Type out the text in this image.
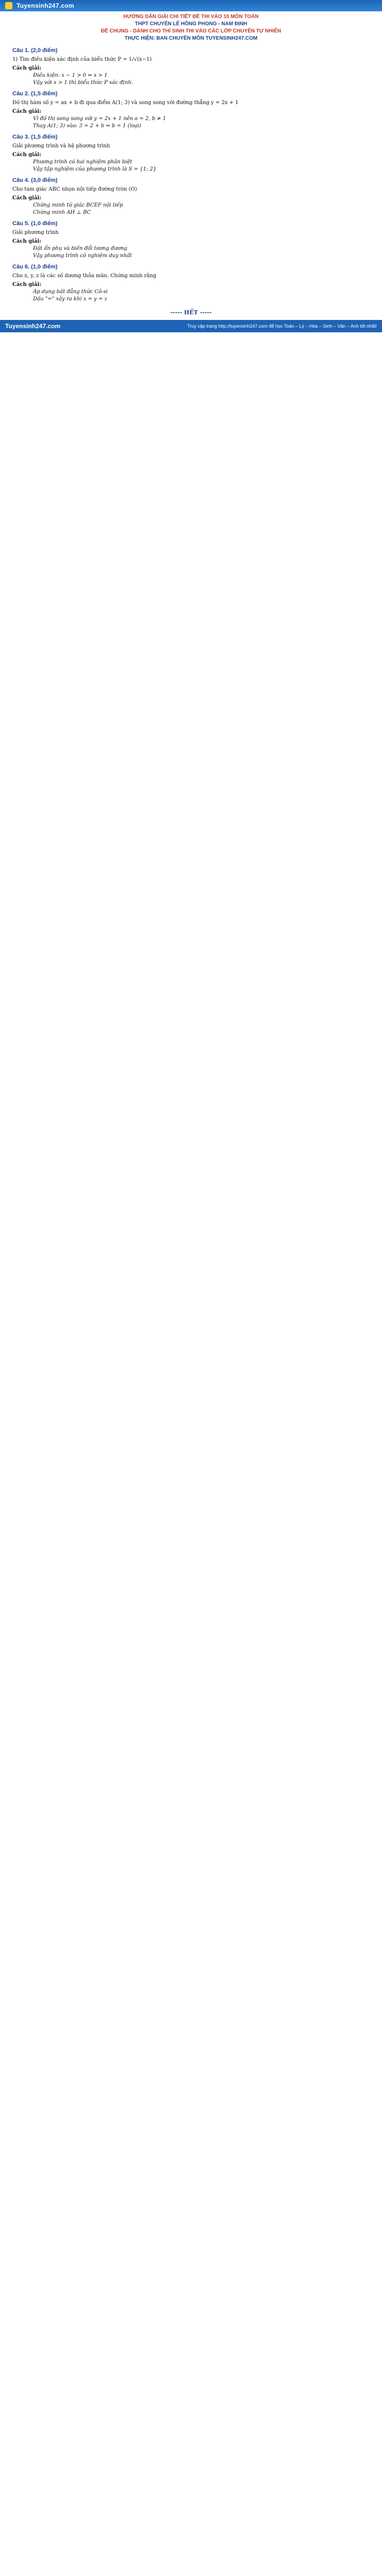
Tuyensinh247.com
HƯỚNG DẪN GIẢI CHI TIẾT ĐỀ THI VÀO 10 MÔN TOÁN
THPT CHUYÊN LÊ HỒNG PHONG - NAM ĐỊNH
ĐỀ CHUNG - DÀNH CHO THÍ SINH THI VÀO CÁC LỚP CHUYÊN TỰ NHIÊN
THỰC HIỆN: BAN CHUYÊN MÔN TUYENSINH247.COM
Câu 1. (2,0 điểm)
1) Tìm điều kiện xác định của biểu thức P = 1/√(x−1)
Cách giải:
Điều kiện: x − 1 > 0 ⇔ x > 1
Vậy với x > 1 thì biểu thức P xác định.
Câu 2. (1,5 điểm)
Đồ thị hàm số y = ax + b đi qua điểm A(1; 3) và song song với đường thẳng y = 2x + 1
Cách giải:
Vì đồ thị song song với y = 2x + 1 nên a = 2, b ≠ 1
Thay A(1; 3) vào: 3 = 2 + b ⇔ b = 1 (loại)
Câu 3. (1,5 điểm)
Giải phương trình và hệ phương trình
Cách giải:
Phương trình có hai nghiệm phân biệt
Vậy tập nghiệm của phương trình là S = {1; 2}
Câu 4. (3,0 điểm)
Cho tam giác ABC nhọn nội tiếp đường tròn (O)
Cách giải:
Chứng minh tứ giác BCEF nội tiếp
Chứng minh AH ⊥ BC
Câu 5. (1,0 điểm)
Giải phương trình
Cách giải:
Đặt ẩn phụ và biến đổi tương đương
Vậy phương trình có nghiệm duy nhất
Câu 6. (1,0 điểm)
Cho x, y, z là các số dương thỏa mãn. Chứng minh rằng
Cách giải:
Áp dụng bất đẳng thức Cô-si
Dấu "=" xảy ra khi x = y = z
----- HẾT -----
Tuyensinh247.com	Truy cập trang http://tuyensinh247.com để học Toán – Lý – Hóa – Sinh – Văn – Anh tốt nhất!
